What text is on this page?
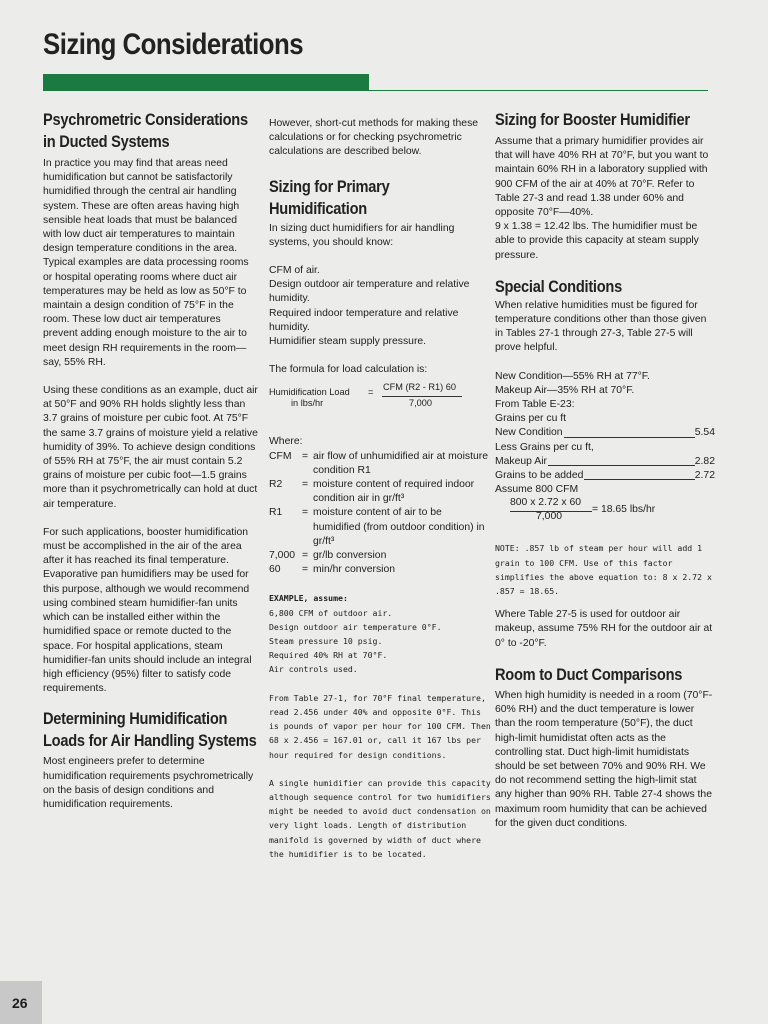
Sizing Considerations
Psychrometric Considerations in Ducted Systems

In practice you may find that areas need humidification but cannot be satisfactorily humidified through the central air handling system. These are often areas having high sensible heat loads that must be balanced with low duct air temperatures to maintain design temperature conditions in the area. Typical examples are data processing rooms or hospital operating rooms where duct air temperatures may be held as low as 50°F to maintain a design condition of 75°F in the room. These low duct air temperatures prevent adding enough moisture to the air to meet design RH requirements in the room—say, 55% RH.

Using these conditions as an example, duct air at 50°F and 90% RH holds slightly less than 3.7 grains of moisture per cubic foot. At 75°F the same 3.7 grains of moisture yield a relative humidity of 39%. To achieve design conditions of 55% RH at 75°F, the air must contain 5.2 grains of moisture per cubic foot—1.5 grains more than it psychrometrically can hold at duct air temperature.

For such applications, booster humidification must be accomplished in the air of the area after it has reached its final temperature. Evaporative pan humidifiers may be used for this purpose, although we would recommend using combined steam humidifier-fan units which can be installed either within the humidified space or remote ducted to the space. For hospital applications, steam humidifier-fan units should include an integral high efficiency (95%) filter to satisfy code requirements.

Determining Humidification Loads for Air Handling Systems

Most engineers prefer to determine humidification requirements psychrometrically on the basis of design conditions and humidification requirements.

However, short-cut methods for making these calculations or for checking psychrometric calculations are described below.

Sizing for Primary Humidification

In sizing duct humidifiers for air handling systems, you should know:

CFM of air.
Design outdoor air temperature and relative humidity.
Required indoor temperature and relative humidity.
Humidifier steam supply pressure.

The formula for load calculation is:

Humidification Load
in lbs/hr
= CFM (R2 - R1) 60
7,000

Where:

CFM	= air flow of unhumidified air at moisture condition R1
R2	= moisture content of required indoor condition air in gr/ft³
R1	= moisture content of air to be humidified (from outdoor condition) in gr/ft³
7,000 = gr/lb conversion
60	= min/hr conversion

EXAMPLE, assume:
6,800 CFM of outdoor air.
Design outdoor air temperature 0°F.
Steam pressure 10 psig.
Required 40% RH at 70°F.
Air controls used.

From Table 27-1, for 70°F final temperature, read 2.456 under 40% and opposite 0°F. This is pounds of vapor per hour for 100 CFM. Then 68 x 2.456 = 167.01 or, call it 167 lbs per hour required for design conditions.

A single humidifier can provide this capacity although sequence control for two humidifiers might be needed to avoid duct condensation on very light loads. Length of distribution manifold is governed by width of duct where the humidifier is to be located.

Sizing for Booster Humidifier

Assume that a primary humidifier provides air that will have 40% RH at 70°F, but you want to maintain 60% RH in a laboratory supplied with 900 CFM of the air at 40% at 70°F. Refer to Table 27-3 and read 1.38 under 60% and opposite 70°F—40%.

9 x 1.38 = 12.42 lbs. The humidifier must be able to provide this capacity at steam supply pressure.

Special Conditions

When relative humidities must be figured for temperature conditions other than those given in Tables 27-1 through 27-3, Table 27-5 will prove helpful.

New Condition—55% RH at 77°F.
Makeup Air—35% RH at 70°F.
From Table E-23:
Grains per cu ft
New Condition	5.54
Less Grains per cu ft,
Makeup Air	2.82
Grains to be added	2.72
Assume 800 CFM
800 x 2.72 x 60
7,000
= 18.65 lbs/hr

NOTE: .857 lb of steam per hour will add 1 grain to 100 CFM. Use of this factor simplifies the above equation to: 8 x 2.72 x .857 = 18.65.

Where Table 27-5 is used for outdoor air makeup, assume 75% RH for the outdoor air at 0° to -20°F.

Room to Duct Comparisons

When high humidity is needed in a room (70°F-60% RH) and the duct temperature is lower than the room temperature (50°F), the duct high-limit humidistat often acts as the controlling stat. Duct high-limit humidistats should be set between 70% and 90% RH. We do not recommend setting the high-limit stat any higher than 90% RH. Table 27-4 shows the maximum room humidity that can be achieved for the given duct conditions.

26
